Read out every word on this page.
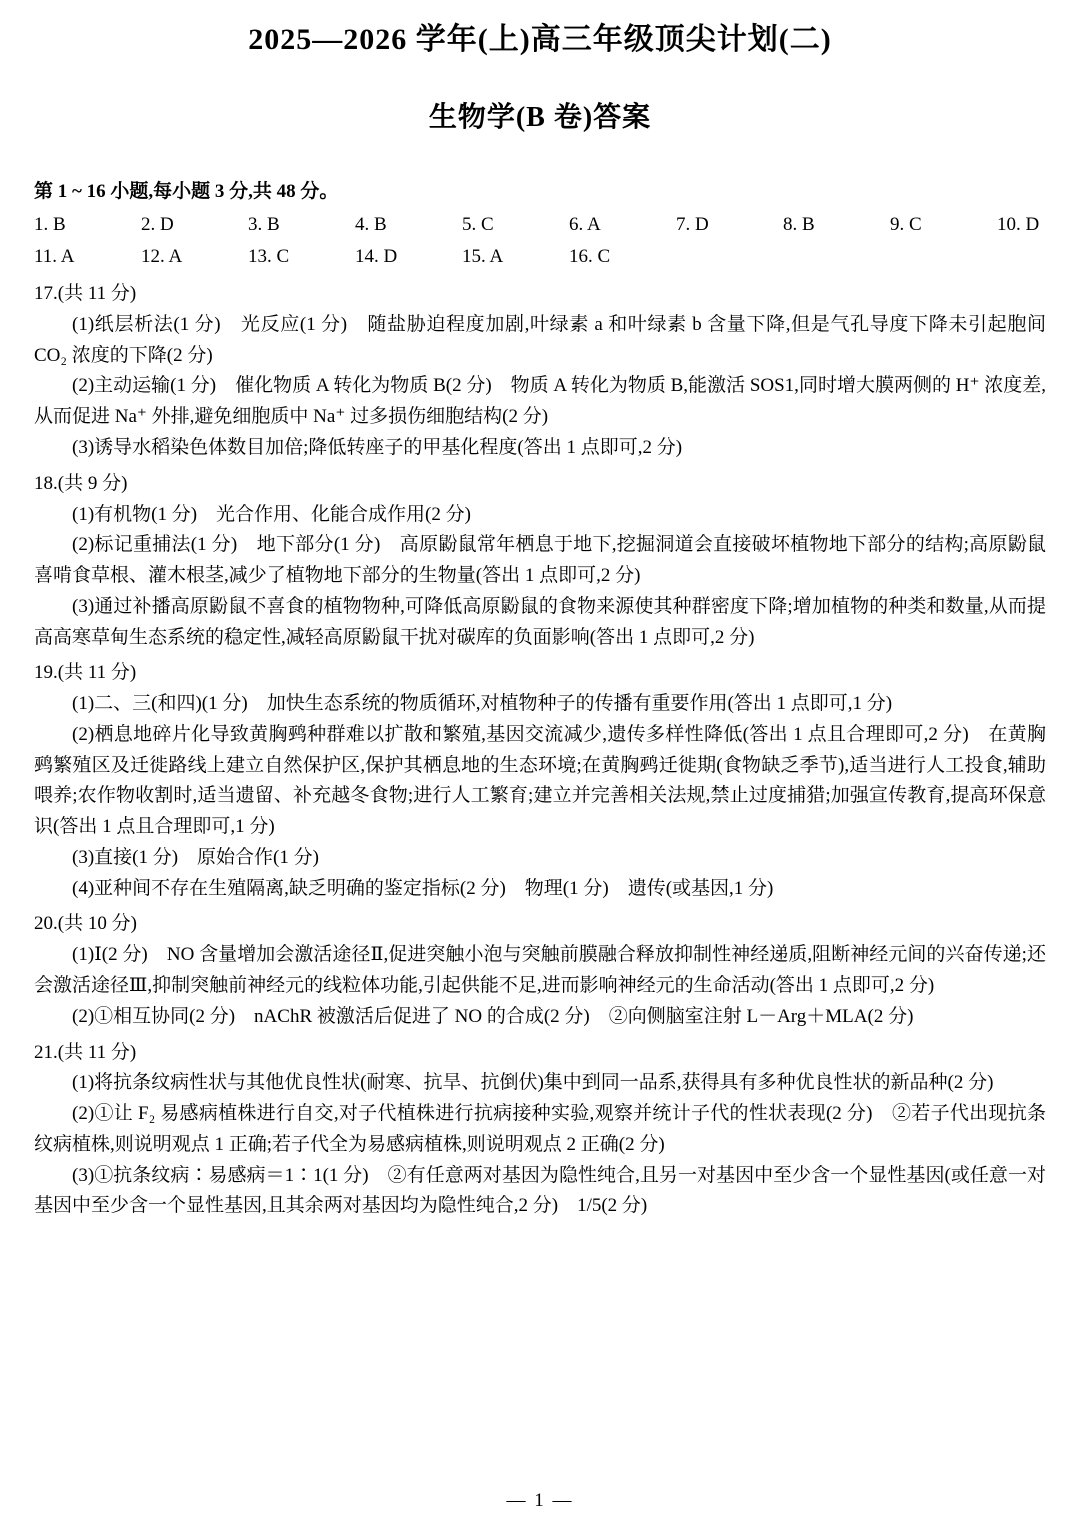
2025—2026 学年(上)高三年级顶尖计划(二)
生物学(B 卷)答案
第 1 ~ 16 小题,每小题 3 分,共 48 分。
1. B	2. D	3. B	4. B	5. C	6. A	7. D	8. B	9. C	10. D
11. A	12. A	13. C	14. D	15. A	16. C
17.(共 11 分)
(1)纸层析法(1 分)　光反应(1 分)　随盐胁迫程度加剧,叶绿素 a 和叶绿素 b 含量下降,但是气孔导度下降未引起胞间 CO₂ 浓度的下降(2 分)
(2)主动运输(1 分)　催化物质 A 转化为物质 B(2 分)　物质 A 转化为物质 B,能激活 SOS1,同时增大膜两侧的 H⁺ 浓度差,从而促进 Na⁺ 外排,避免细胞质中 Na⁺ 过多损伤细胞结构(2 分)
(3)诱导水稻染色体数目加倍;降低转座子的甲基化程度(答出 1 点即可,2 分)
18.(共 9 分)
(1)有机物(1 分)　光合作用、化能合成作用(2 分)
(2)标记重捕法(1 分)　地下部分(1 分)　高原鼢鼠常年栖息于地下,挖掘洞道会直接破坏植物地下部分的结构;高原鼢鼠喜啃食草根、灌木根茎,减少了植物地下部分的生物量(答出 1 点即可,2 分)
(3)通过补播高原鼢鼠不喜食的植物物种,可降低高原鼢鼠的食物来源使其种群密度下降;增加植物的种类和数量,从而提高高寒草甸生态系统的稳定性,减轻高原鼢鼠干扰对碳库的负面影响(答出 1 点即可,2 分)
19.(共 11 分)
(1)二、三(和四)(1 分)　加快生态系统的物质循环,对植物种子的传播有重要作用(答出 1 点即可,1 分)
(2)栖息地碎片化导致黄胸鹀种群难以扩散和繁殖,基因交流减少,遗传多样性降低(答出 1 点且合理即可,2 分)　在黄胸鹀繁殖区及迁徙路线上建立自然保护区,保护其栖息地的生态环境;在黄胸鹀迁徙期(食物缺乏季节),适当进行人工投食,辅助喂养;农作物收割时,适当遗留、补充越冬食物;进行人工繁育;建立并完善相关法规,禁止过度捕猎;加强宣传教育,提高环保意识(答出 1 点且合理即可,1 分)
(3)直接(1 分)　原始合作(1 分)
(4)亚种间不存在生殖隔离,缺乏明确的鉴定指标(2 分)　物理(1 分)　遗传(或基因,1 分)
20.(共 10 分)
(1)Ⅰ(2 分)　NO 含量增加会激活途径Ⅱ,促进突触小泡与突触前膜融合释放抑制性神经递质,阻断神经元间的兴奋传递;还会激活途径Ⅲ,抑制突触前神经元的线粒体功能,引起供能不足,进而影响神经元的生命活动(答出 1 点即可,2 分)
(2)①相互协同(2 分)　nAChR 被激活后促进了 NO 的合成(2 分)　②向侧脑室注射 L－Arg＋MLA(2 分)
21.(共 11 分)
(1)将抗条纹病性状与其他优良性状(耐寒、抗旱、抗倒伏)集中到同一品系,获得具有多种优良性状的新品种(2 分)
(2)①让 F₂ 易感病植株进行自交,对子代植株进行抗病接种实验,观察并统计子代的性状表现(2 分)　②若子代出现抗条纹病植株,则说明观点 1 正确;若子代全为易感病植株,则说明观点 2 正确(2 分)
(3)①抗条纹病∶易感病＝1∶1(1 分)　②有任意两对基因为隐性纯合,且另一对基因中至少含一个显性基因(或任意一对基因中至少含一个显性基因,且其余两对基因均为隐性纯合,2 分)　1/5(2 分)
— 1 —
